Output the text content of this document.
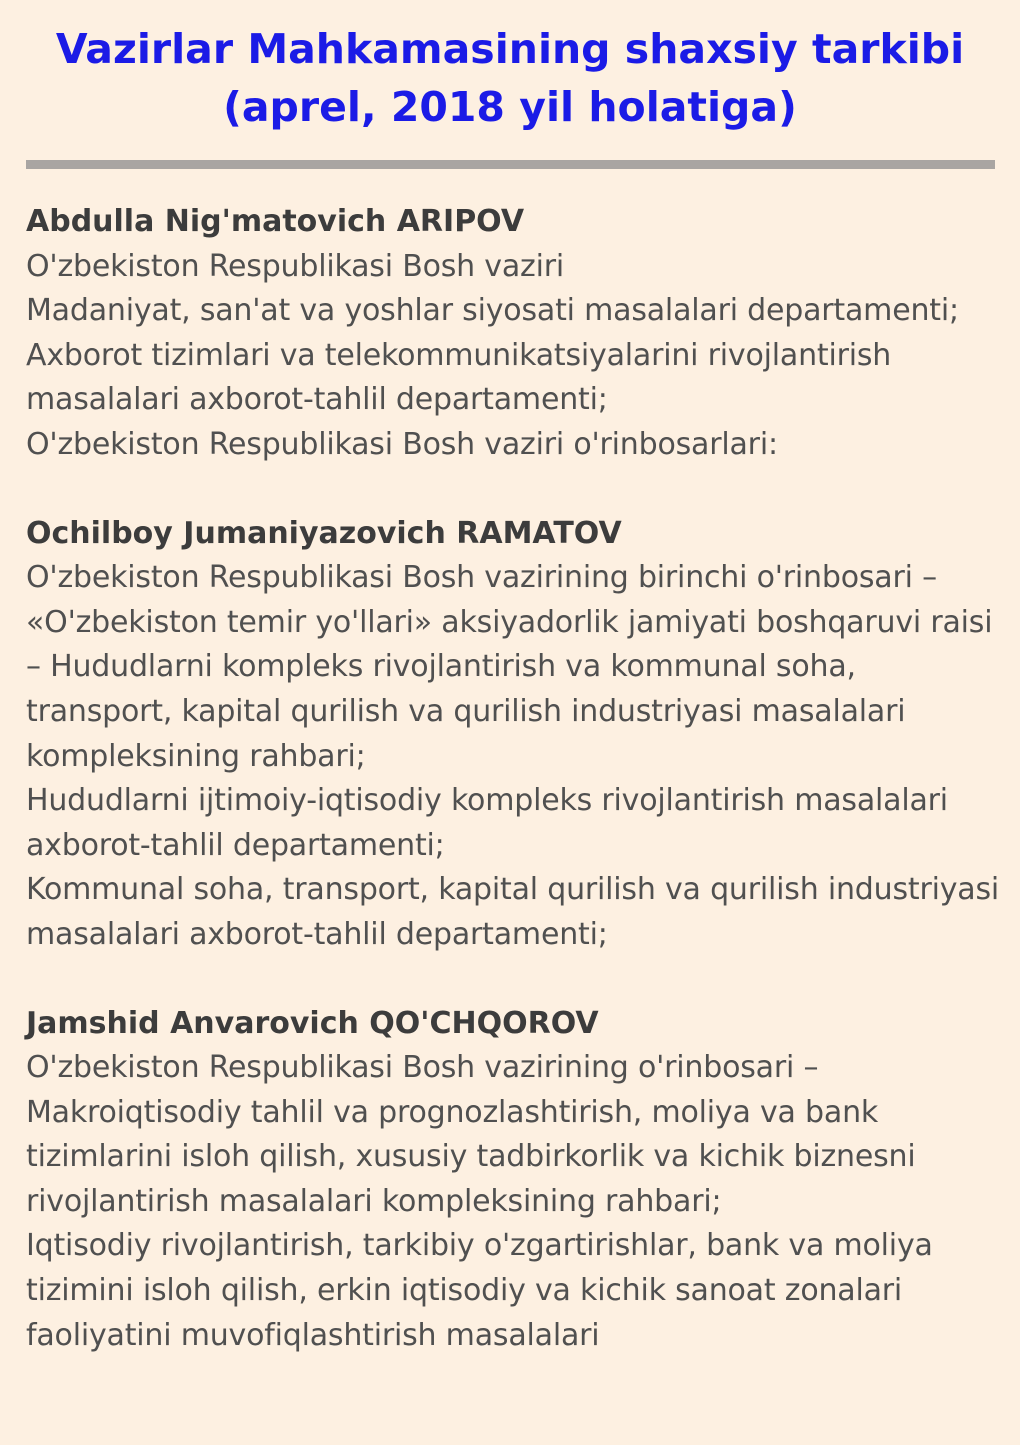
Vazirlar Mahkamasining shaxsiy tarkibi
(aprel, 2018 yil holatiga)

Abdulla Nig'matovich ARIPOV

O'zbekiston Respublikasi Bosh vaziri

Madaniyat, san'at va yoshlar siyosati masalalari departamenti;

Axborot tizimlari va telekommunikatsiyalarini rivojlantirish masalalari axborot-tahlil departamenti;

O'zbekiston Respublikasi Bosh vaziri o'rinbosarlari:

Ochilboy Jumaniyazovich RAMATOV

O'zbekiston Respublikasi Bosh vazirining birinchi o'rinbosari – «O'zbekiston temir yo'llari» aksiyadorlik jamiyati boshqaruvi raisi – Hududlarni kompleks rivojlantirish va kommunal soha, transport, kapital qurilish va qurilish industriyasi masalalari kompleksining rahbari;

Hududlarni ijtimoiy-iqtisodiy kompleks rivojlantirish masalalari axborot-tahlil departamenti;

Kommunal soha, transport, kapital qurilish va qurilish industriyasi masalalari axborot-tahlil departamenti;

Jamshid Anvarovich QO'CHQOROV

O'zbekiston Respublikasi Bosh vazirining o'rinbosari – Makroiqtisodiy tahlil va prognozlashtirish, moliya va bank tizimlarini isloh qilish, xususiy tadbirkorlik va kichik biznesni rivojlantirish masalalari kompleksining rahbari;

Iqtisodiy rivojlantirish, tarkibiy o'zgartirishlar, bank va moliya tizimini isloh qilish, erkin iqtisodiy va kichik sanoat zonalari faoliyatini muvofiqlashtirish masalalari
